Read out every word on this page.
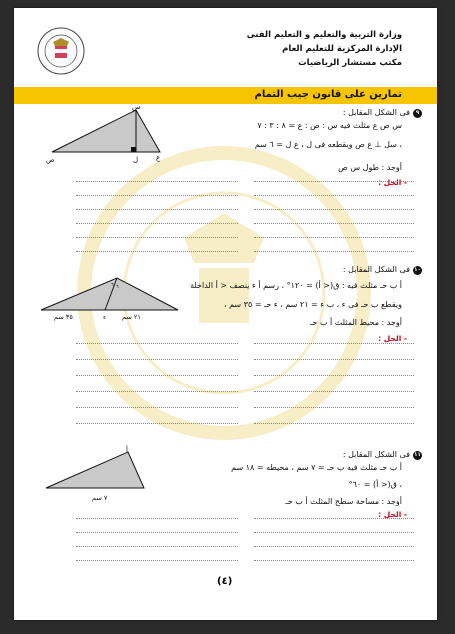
وزارة التربية والتعليم و التعليم الفنى
الإدارة المركزية للتعليم العام
مكتب مستشار الرياضيات
تمارين على قانون جيب التمام
س
ص	ع
ل
٩
فى الشكل المقابل :
س ص ع مثلث فيه س : ص : ع = ٨ : ٣ : ٧
، سل ⊥ ع ص ويقطعه فى ل ، ع ل = ٦ سم
أوجد : طول س ص
- الحل :
٦ ٦
٣٥ سم	ء ٢١ سم
١٠
فى الشكل المقابل :
أ ب حـ مثلث فيه : ق(< أ) = ١٢٠° ، رسم أ ء ينصف < أ الداخلة
ويقطع ب حـ فى ء ، ب ء = ٢١ سم ، ء حـ = ٣٥ سم ،
أوجد : محيط المثلث أ ب حـ
- الحل :
أ
٧ سم
١١
فى الشكل المقابل :
أ ب حـ مثلث فيه ب حـ = ٧ سم ، محيطه = ١٨ سم
، ق(< أ) = ٦٠°
أوجد : مساحة سطح المثلث أ ب حـ
- الحل :
(٤)
